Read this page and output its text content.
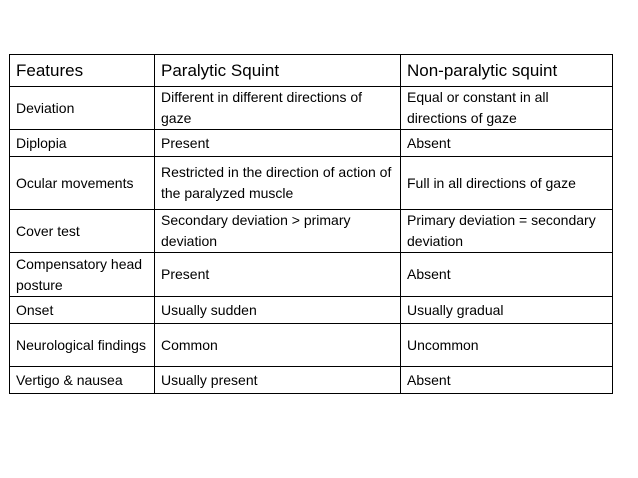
Features	Paralytic Squint	Non-paralytic squint
Deviation	Different in different directions of gaze	Equal or constant in all directions of gaze
Diplopia	Present	Absent
Ocular movements	Restricted in the direction of action of the paralyzed muscle	Full in all directions of gaze
Cover test	Secondary deviation > primary deviation	Primary deviation = secondary deviation
Compensatory head posture	Present	Absent
Onset	Usually sudden	Usually gradual
Neurological findings	Common	Uncommon
Vertigo & nausea	Usually present	Absent
